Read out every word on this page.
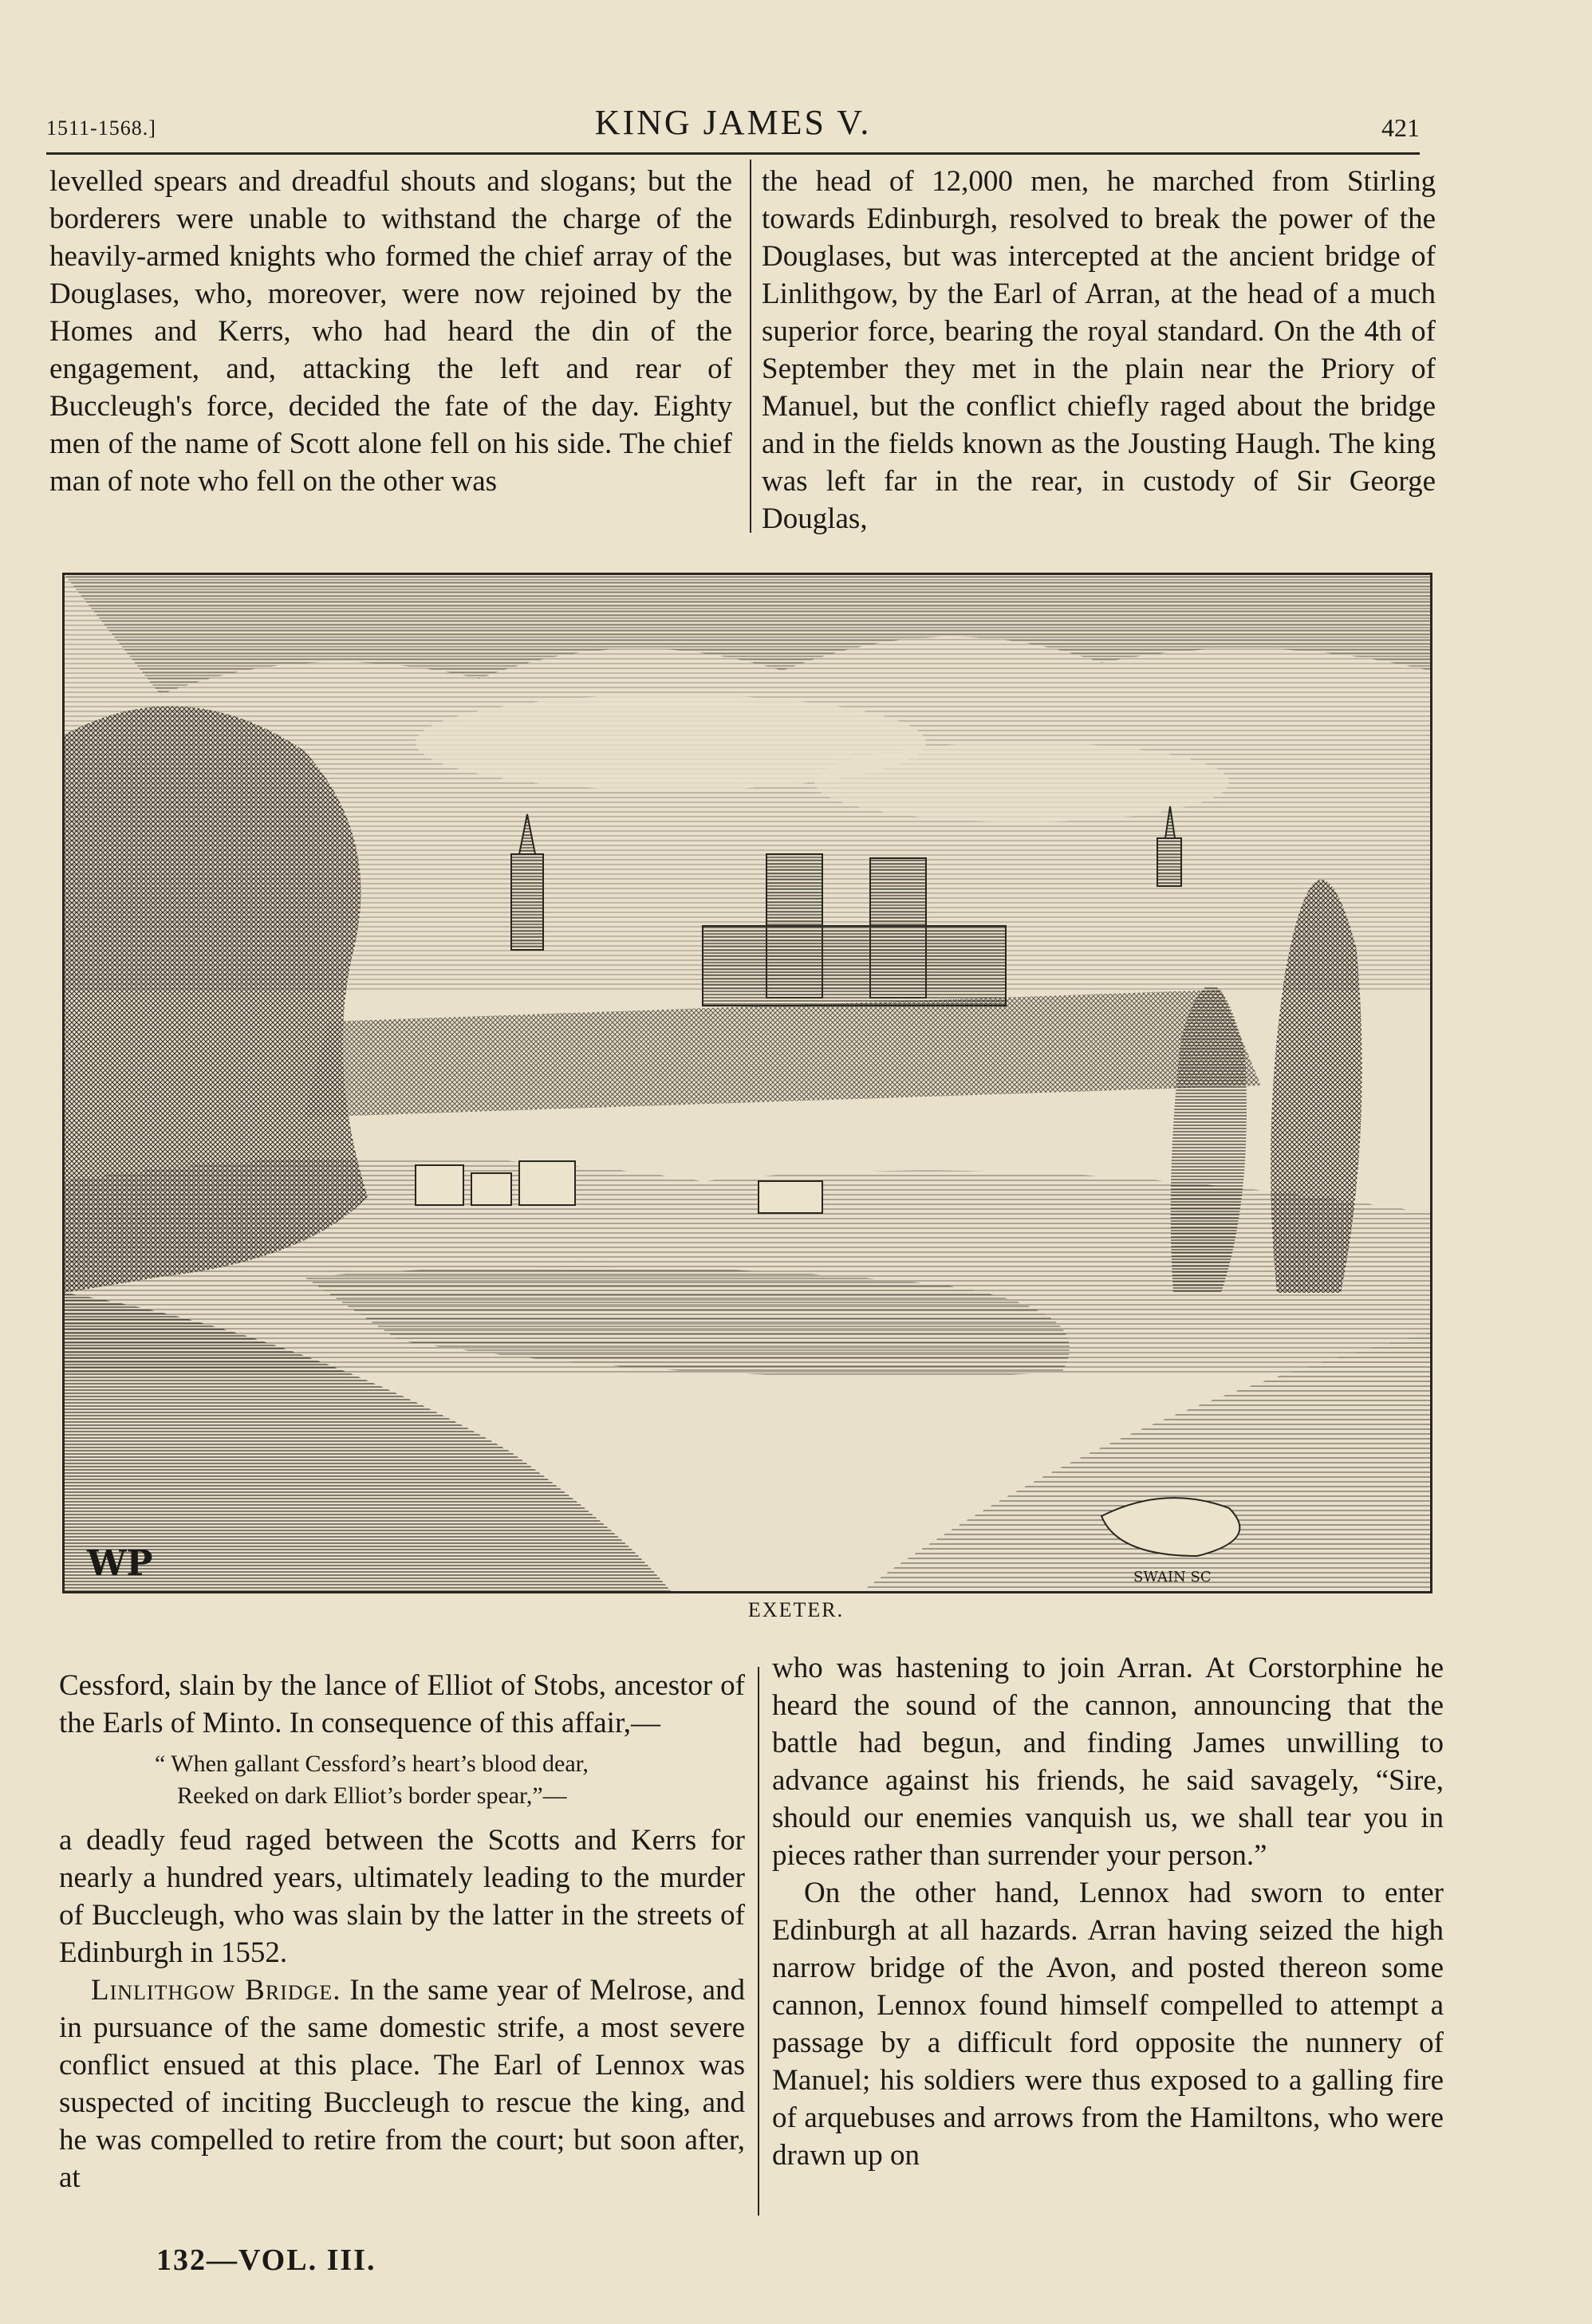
1511-1568.]	KING JAMES V.	421

levelled spears and dreadful shouts and slogans; but the borderers were unable to withstand the charge of the heavily-armed knights who formed the chief array of the Douglases, who, moreover, were now rejoined by the Homes and Kerrs, who had heard the din of the engagement, and, attacking the left and rear of Buccleugh's force, decided the fate of the day. Eighty men of the name of Scott alone fell on his side. The chief man of note who fell on the other was

the head of 12,000 men, he marched from Stirling towards Edinburgh, resolved to break the power of the Douglases, but was intercepted at the ancient bridge of Linlithgow, by the Earl of Arran, at the head of a much superior force, bearing the royal standard. On the 4th of September they met in the plain near the Priory of Manuel, but the conflict chiefly raged about the bridge and in the fields known as the Jousting Haugh. The king was left far in the rear, in custody of Sir George Douglas,

WP	SWAIN SC
EXETER.

Cessford, slain by the lance of Elliot of Stobs, ancestor of the Earls of Minto. In consequence of this affair,—

“ When gallant Cessford’s heart’s blood dear,
Reeked on dark Elliot’s border spear,”—

a deadly feud raged between the Scotts and Kerrs for nearly a hundred years, ultimately leading to the murder of Buccleugh, who was slain by the latter in the streets of Edinburgh in 1552.

Linlithgow Bridge. In the same year of Melrose, and in pursuance of the same domestic strife, a most severe conflict ensued at this place. The Earl of Lennox was suspected of inciting Buccleugh to rescue the king, and he was compelled to retire from the court; but soon after, at

who was hastening to join Arran. At Corstorphine he heard the sound of the cannon, announcing that the battle had begun, and finding James unwilling to advance against his friends, he said savagely, “Sire, should our enemies vanquish us, we shall tear you in pieces rather than surrender your person.”

On the other hand, Lennox had sworn to enter Edinburgh at all hazards. Arran having seized the high narrow bridge of the Avon, and posted thereon some cannon, Lennox found himself compelled to attempt a passage by a difficult ford opposite the nunnery of Manuel; his soldiers were thus exposed to a galling fire of arquebuses and arrows from the Hamiltons, who were drawn up on

132—VOL. III.
